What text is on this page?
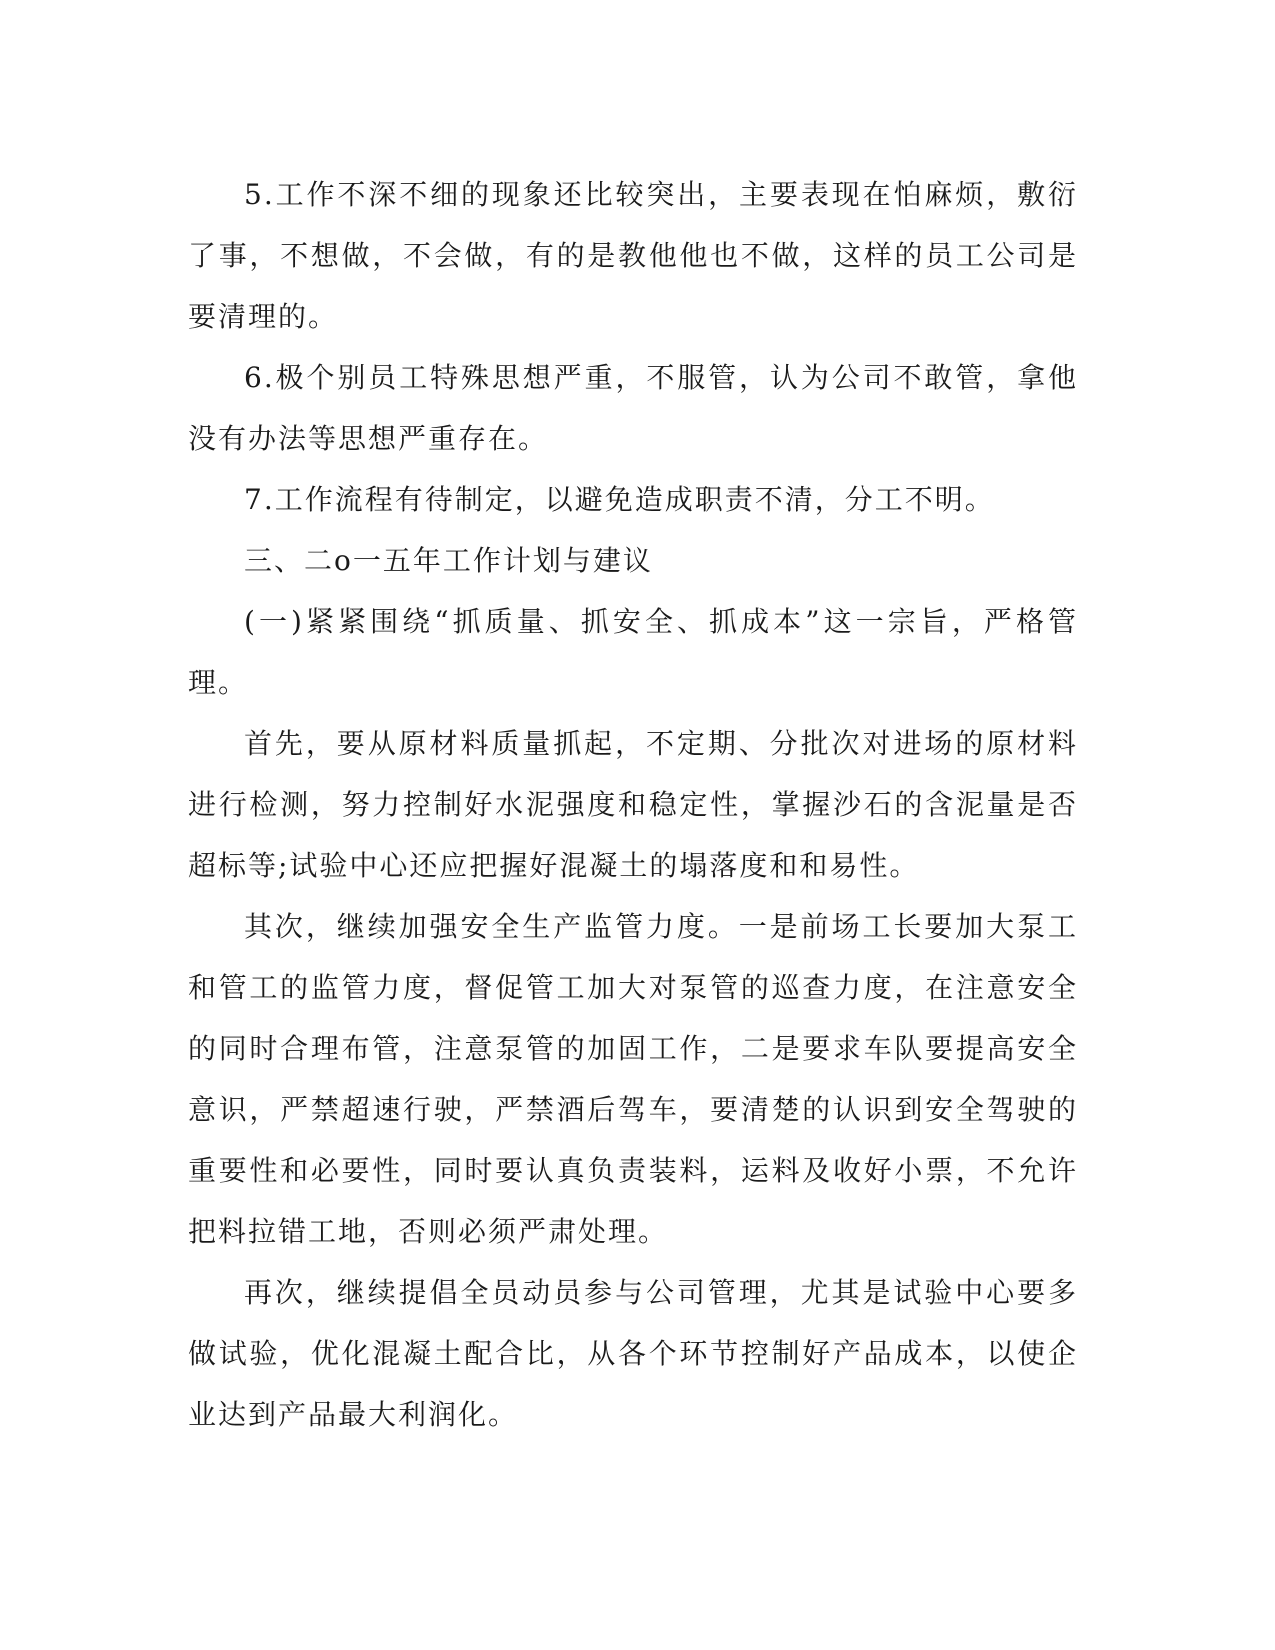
5.工作不深不细的现象还比较突出，主要表现在怕麻烦，敷衍了事，不想做，不会做，有的是教他他也不做，这样的员工公司是要清理的。

6.极个别员工特殊思想严重，不服管，认为公司不敢管，拿他没有办法等思想严重存在。

7.工作流程有待制定，以避免造成职责不清，分工不明。

三、二o一五年工作计划与建议

(一)紧紧围绕“抓质量、抓安全、抓成本”这一宗旨，严格管理。

首先，要从原材料质量抓起，不定期、分批次对进场的原材料进行检测，努力控制好水泥强度和稳定性，掌握沙石的含泥量是否超标等;试验中心还应把握好混凝土的塌落度和和易性。

其次，继续加强安全生产监管力度。一是前场工长要加大泵工和管工的监管力度，督促管工加大对泵管的巡查力度，在注意安全的同时合理布管，注意泵管的加固工作，二是要求车队要提高安全意识，严禁超速行驶，严禁酒后驾车，要清楚的认识到安全驾驶的重要性和必要性，同时要认真负责装料，运料及收好小票，不允许把料拉错工地，否则必须严肃处理。

再次，继续提倡全员动员参与公司管理，尤其是试验中心要多做试验，优化混凝土配合比，从各个环节控制好产品成本，以使企业达到产品最大利润化。
